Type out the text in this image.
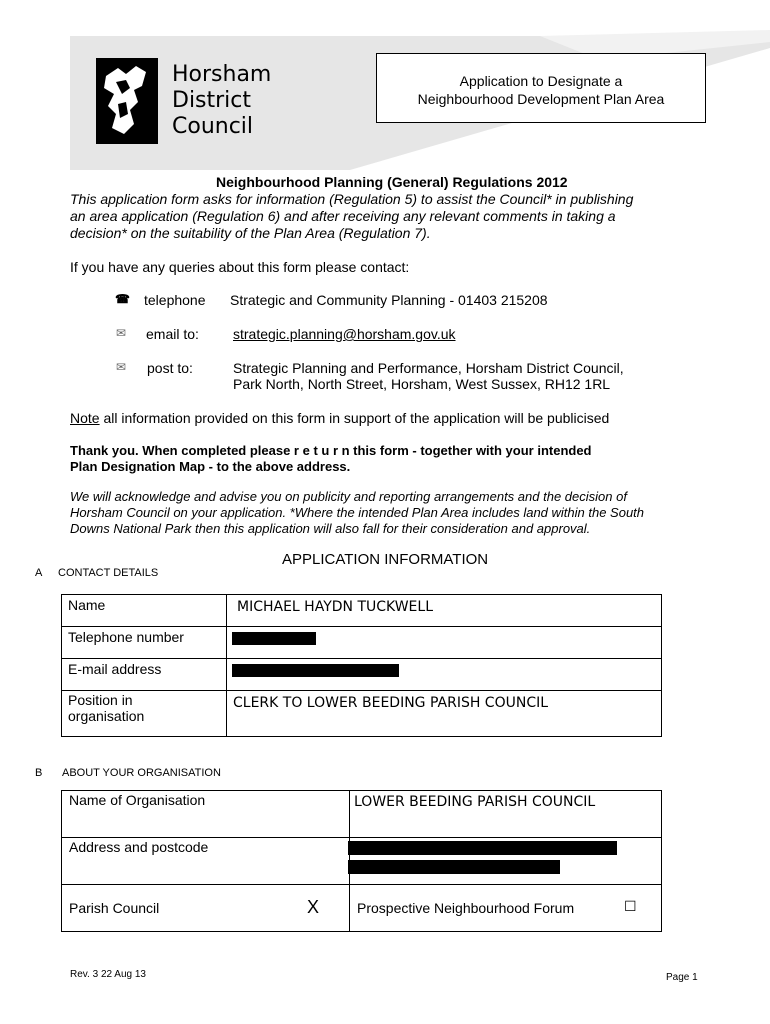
Horsham
District
Council
Application to Designate a
Neighbourhood Development Plan Area
Neighbourhood Planning (General) Regulations 2012
This application form asks for information (Regulation 5) to assist the Council* in publishing
an area application (Regulation 6) and after receiving any relevant comments in taking a
decision* on the suitability of the Plan Area (Regulation 7).
If you have any queries about this form please contact:
☎ telephone Strategic and Community Planning - 01403 215208
✉ email to: strategic.planning@horsham.gov.uk
✉ post to:	Strategic Planning and Performance, Horsham District Council,
Park North, North Street, Horsham, West Sussex, RH12 1RL
Note all information provided on this form in support of the application will be publicised
Thank you. When completed please r e t u r n this form - together with your intended
Plan Designation Map - to the above address.
We will acknowledge and advise you on publicity and reporting arrangements and the decision of
Horsham Council on your application. *Where the intended Plan Area includes land within the South
Downs National Park then this application will also fall for their consideration and approval.
APPLICATION INFORMATION
A CONTACT DETAILS
Name	MICHAEL HAYDN TUCKWELL
Telephone number	

E-mail address	

Position in
organisation	CLERK TO LOWER BEEDING PARISH COUNCIL
B ABOUT YOUR ORGANISATION
Name of Organisation	LOWER BEEDING PARISH COUNCIL
Address and postcode	

Parish Council X	Prospective Neighbourhood Forum ☐
Rev. 3 22 Aug 13	Page 1
